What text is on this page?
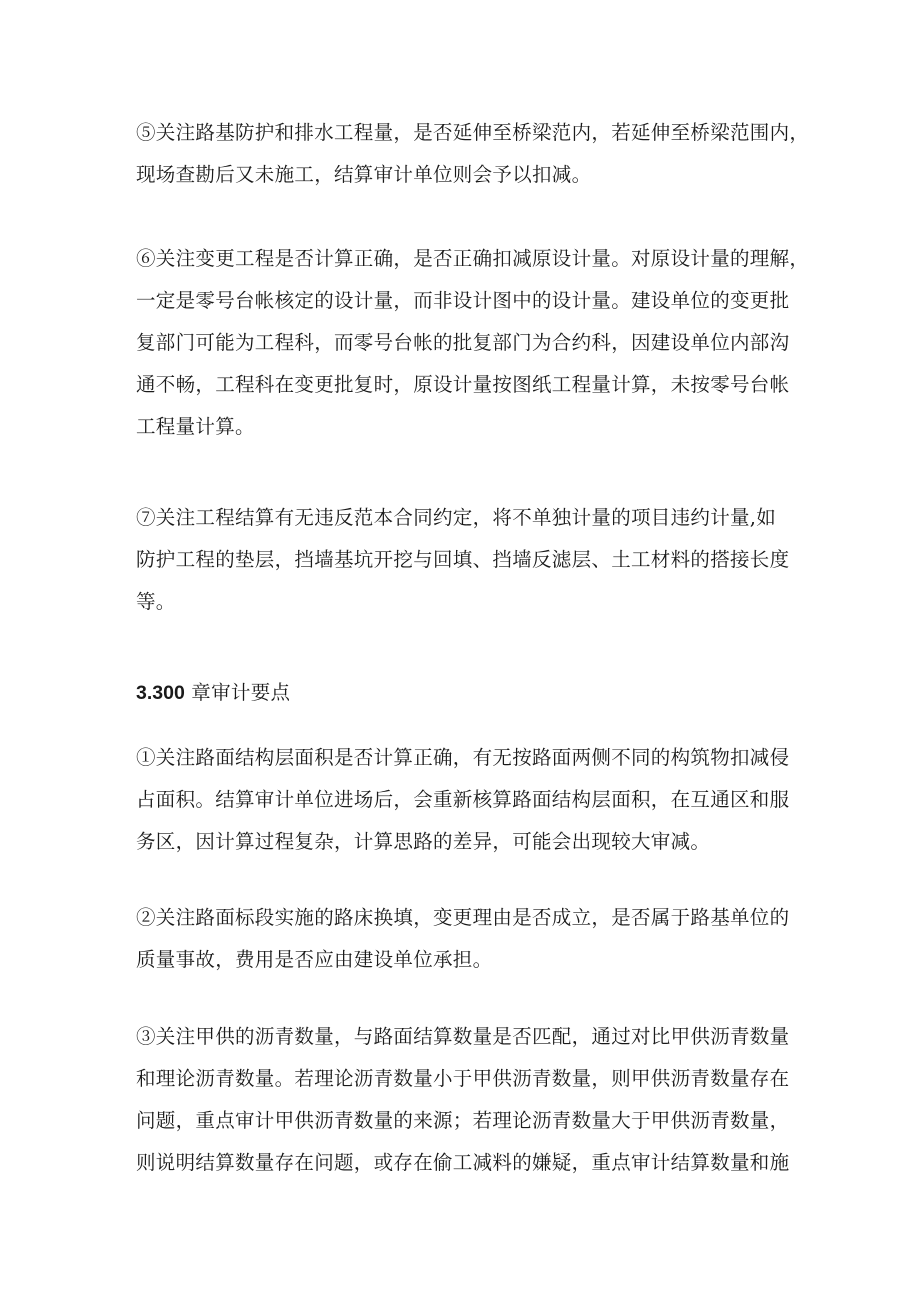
⑤关注路基防护和排水工程量，是否延伸至桥梁范内，若延伸至桥梁范围内，
现场查勘后又未施工，结算审计单位则会予以扣减。

⑥关注变更工程是否计算正确，是否正确扣减原设计量。对原设计量的理解，
一定是零号台帐核定的设计量，而非设计图中的设计量。建设单位的变更批
复部门可能为工程科，而零号台帐的批复部门为合约科，因建设单位内部沟
通不畅，工程科在变更批复时，原设计量按图纸工程量计算，未按零号台帐
工程量计算。

⑦关注工程结算有无违反范本合同约定，将不单独计量的项目违约计量,如
防护工程的垫层，挡墙基坑开挖与回填、挡墙反滤层、土工材料的搭接长度
等。

3.300 章审计要点

①关注路面结构层面积是否计算正确，有无按路面两侧不同的构筑物扣减侵
占面积。结算审计单位进场后，会重新核算路面结构层面积，在互通区和服
务区，因计算过程复杂，计算思路的差异，可能会出现较大审减。

②关注路面标段实施的路床换填，变更理由是否成立，是否属于路基单位的
质量事故，费用是否应由建设单位承担。

③关注甲供的沥青数量，与路面结算数量是否匹配，通过对比甲供沥青数量
和理论沥青数量。若理论沥青数量小于甲供沥青数量，则甲供沥青数量存在
问题，重点审计甲供沥青数量的来源；若理论沥青数量大于甲供沥青数量，
则说明结算数量存在问题，或存在偷工减料的嫌疑，重点审计结算数量和施
